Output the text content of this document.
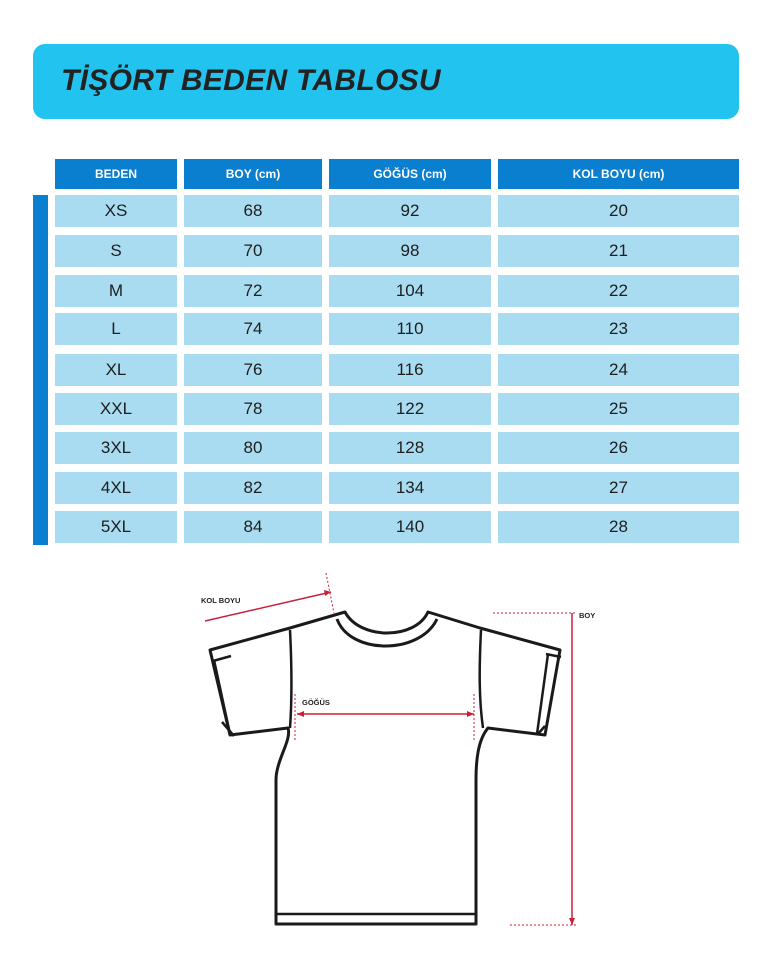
TİŞÖRT BEDEN TABLOSU
BEDEN	BOY (cm)	GÖĞÜS (cm)	KOL BOYU (cm)
XS	68	92	20
S	70	98	21
M	72	104	22
L	74	110	23
XL	76	116	24
XXL	78	122	25
3XL	80	128	26
4XL	82	134	27
5XL	84	140	28
KOL BOYU
GÖĞÜS
BOY
